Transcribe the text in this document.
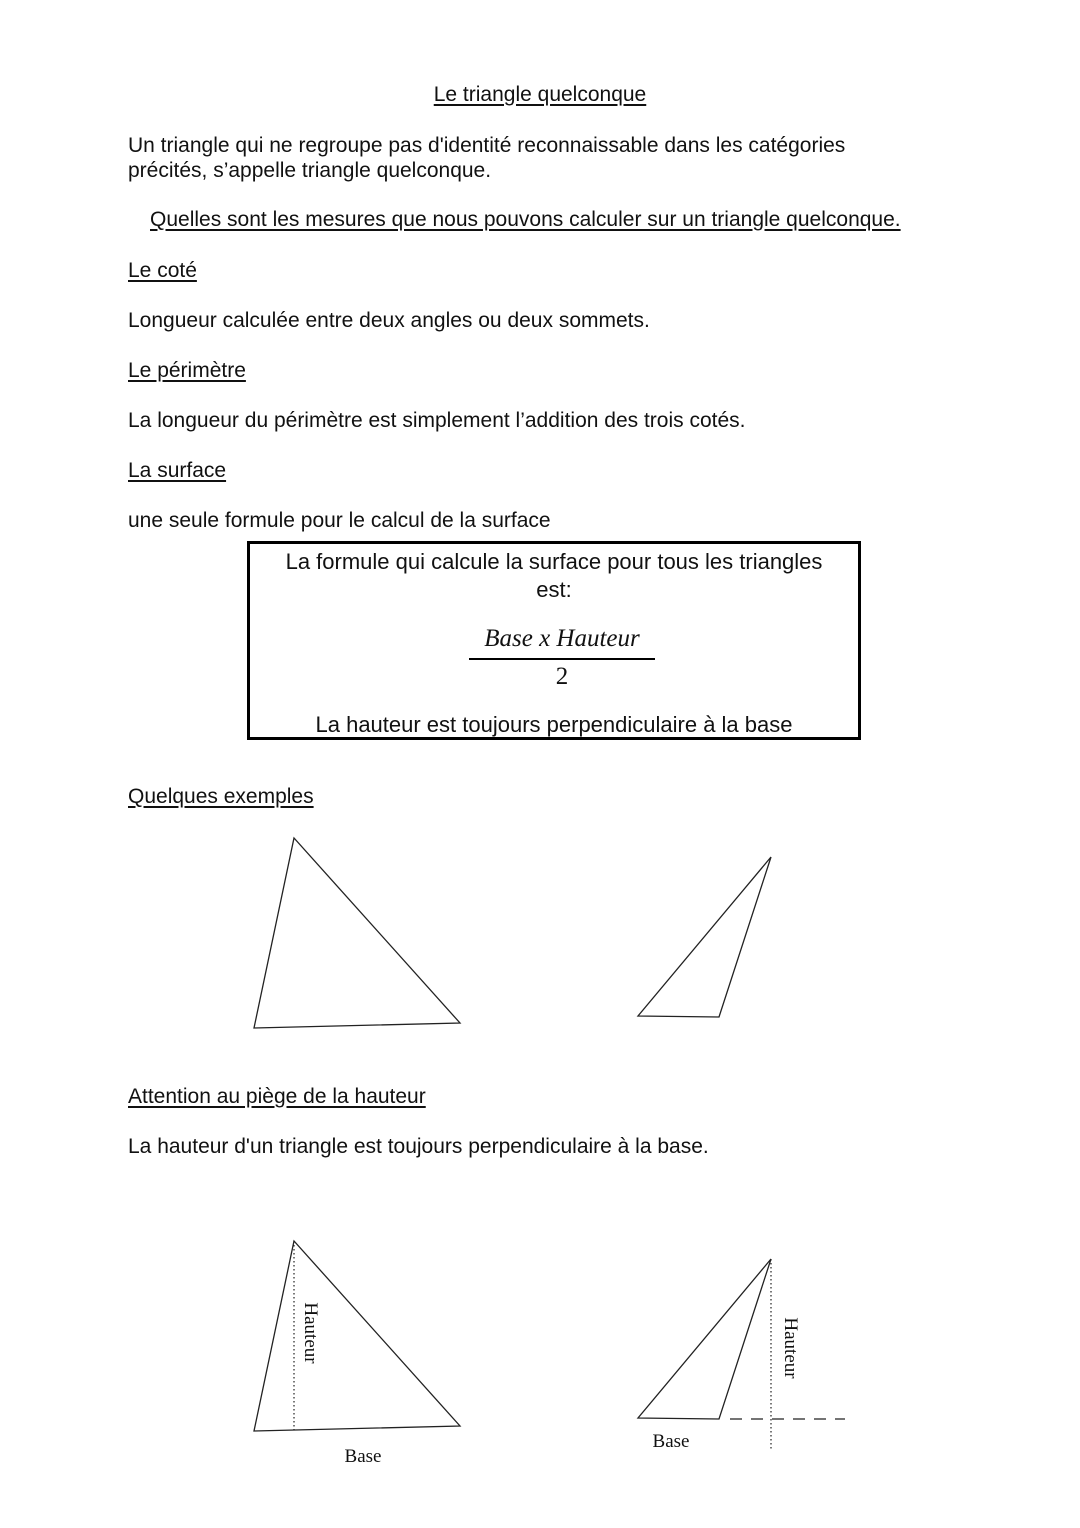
Le triangle quelconque

Un triangle qui ne regroupe pas d'identité reconnaissable dans les catégories

précités, s’appelle triangle quelconque.

Quelles sont les mesures que nous pouvons calculer sur un triangle quelconque.

Le coté

Longueur calculée entre deux angles ou deux sommets.

Le périmètre

La longueur du périmètre est simplement l’addition des trois cotés.

La surface

une seule formule pour le calcul de la surface

La formule qui calcule la surface pour tous les triangles
est:
Base x Hauteur
2
La hauteur est toujours perpendiculaire à la base

Quelques exemples

Attention au piège de la hauteur

La hauteur d'un triangle est toujours perpendiculaire à la base.

Hauteur
Base
Hauteur
Base
